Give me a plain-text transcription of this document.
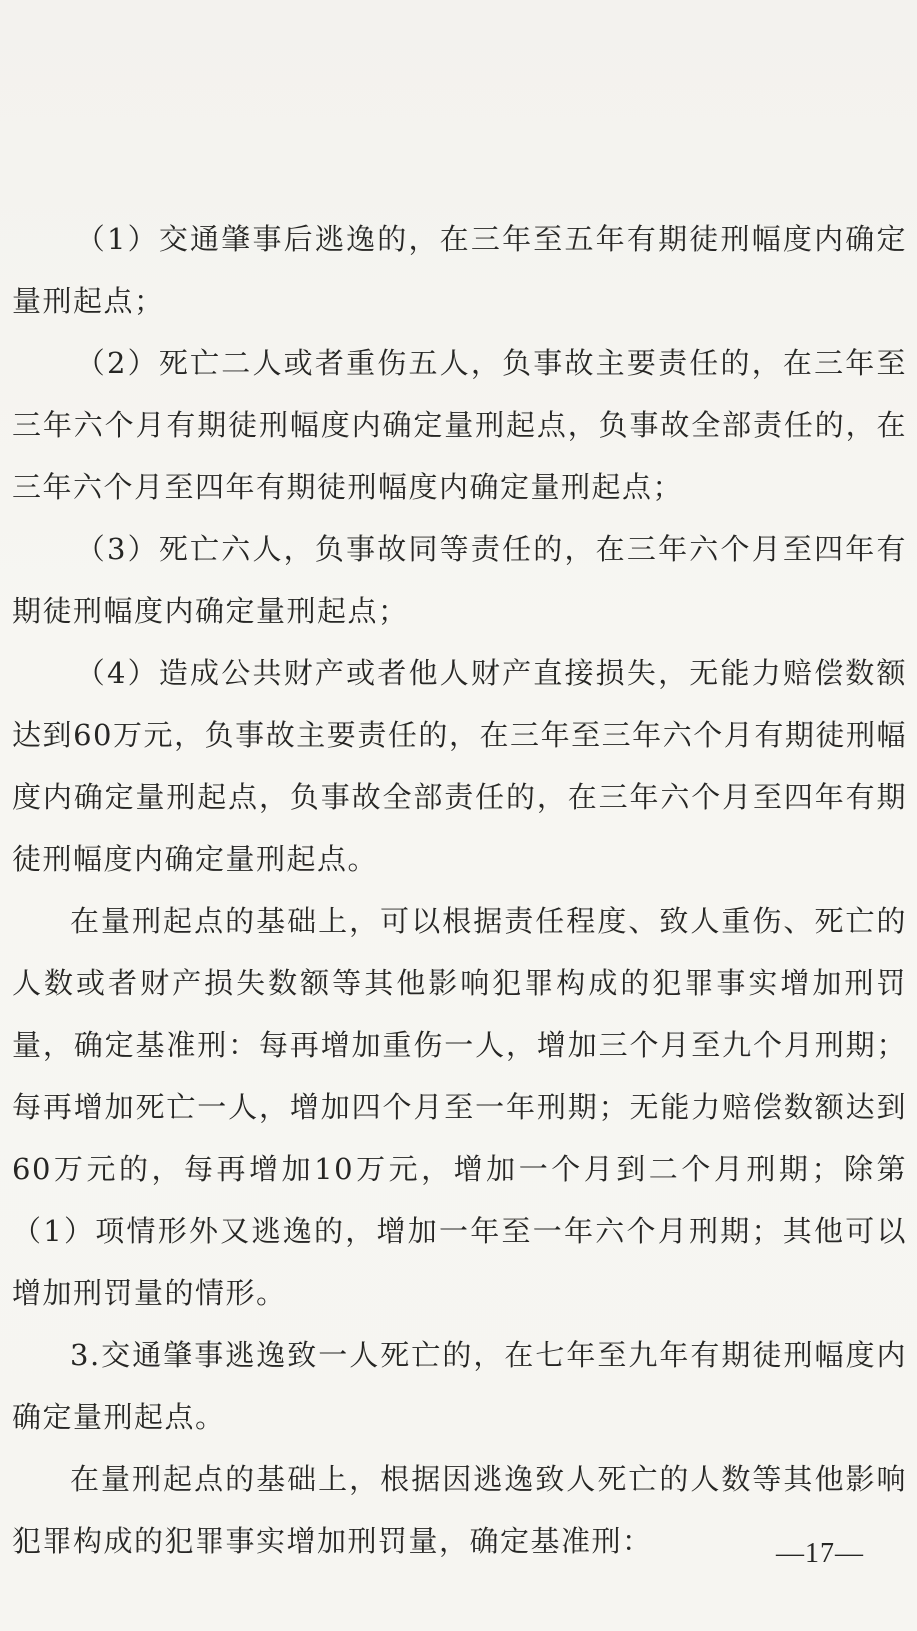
（1）交通肇事后逃逸的，在三年至五年有期徒刑幅度内确定量刑起点；

（2）死亡二人或者重伤五人，负事故主要责任的，在三年至三年六个月有期徒刑幅度内确定量刑起点，负事故全部责任的，在三年六个月至四年有期徒刑幅度内确定量刑起点；

（3）死亡六人，负事故同等责任的，在三年六个月至四年有期徒刑幅度内确定量刑起点；

（4）造成公共财产或者他人财产直接损失，无能力赔偿数额达到60万元，负事故主要责任的，在三年至三年六个月有期徒刑幅度内确定量刑起点，负事故全部责任的，在三年六个月至四年有期徒刑幅度内确定量刑起点。

在量刑起点的基础上，可以根据责任程度、致人重伤、死亡的人数或者财产损失数额等其他影响犯罪构成的犯罪事实增加刑罚量，确定基准刑：每再增加重伤一人，增加三个月至九个月刑期；每再增加死亡一人，增加四个月至一年刑期；无能力赔偿数额达到60万元的，每再增加10万元，增加一个月到二个月刑期；除第（1）项情形外又逃逸的，增加一年至一年六个月刑期；其他可以增加刑罚量的情形。

3.交通肇事逃逸致一人死亡的，在七年至九年有期徒刑幅度内确定量刑起点。

在量刑起点的基础上，根据因逃逸致人死亡的人数等其他影响犯罪构成的犯罪事实增加刑罚量，确定基准刑：	—17—
